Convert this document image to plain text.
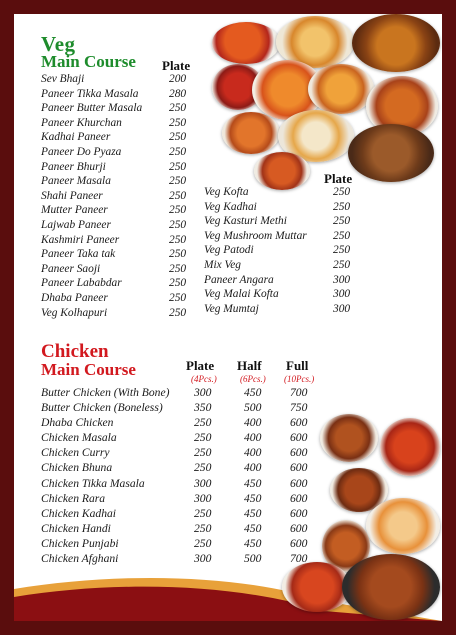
Veg
Main Course Plate
Sev Bhaji	200
Paneer Tikka Masala	280
Paneer Butter Masala 250
Paneer Khurchan	250
Kadhai Paneer	250
Paneer Do Pyaza	250
Paneer Bhurji	250
Paneer Masala	250
Shahi Paneer	250
Mutter Paneer	250
Lajwab Paneer	250
Kashmiri Paneer	250
Paneer Taka tak	250
Paneer Saoji	250
Paneer Lababdar	250
Dhaba Paneer	250
Veg Kolhapuri	250
Plate
Veg Kofta	250
Veg Kadhai	250
Veg Kasturi Methi	250
Veg Mushroom Muttar 250
Veg Patodi	250
Mix Veg	250
Paneer Angara	300
Veg Malai Kofta	300
Veg Mumtaj	300
Chicken
Main Course	Plate Half Full
(4Pcs.)	(6Pcs.) (10Pcs.)
Butter Chicken (With Bone) 300	450 700
Butter Chicken (Boneless)	350	500 750
Dhaba Chicken	250	400 600
Chicken Masala	250	400 600
Chicken Curry	250	400 600
Chicken Bhuna	250	400 600
Chicken Tikka Masala	300	450 600
Chicken Rara	300	450 600
Chicken Kadhai	250	450 600
Chicken Handi	250	450 600
Chicken Punjabi	250	450 600
Chicken Afghani	300	500 700
